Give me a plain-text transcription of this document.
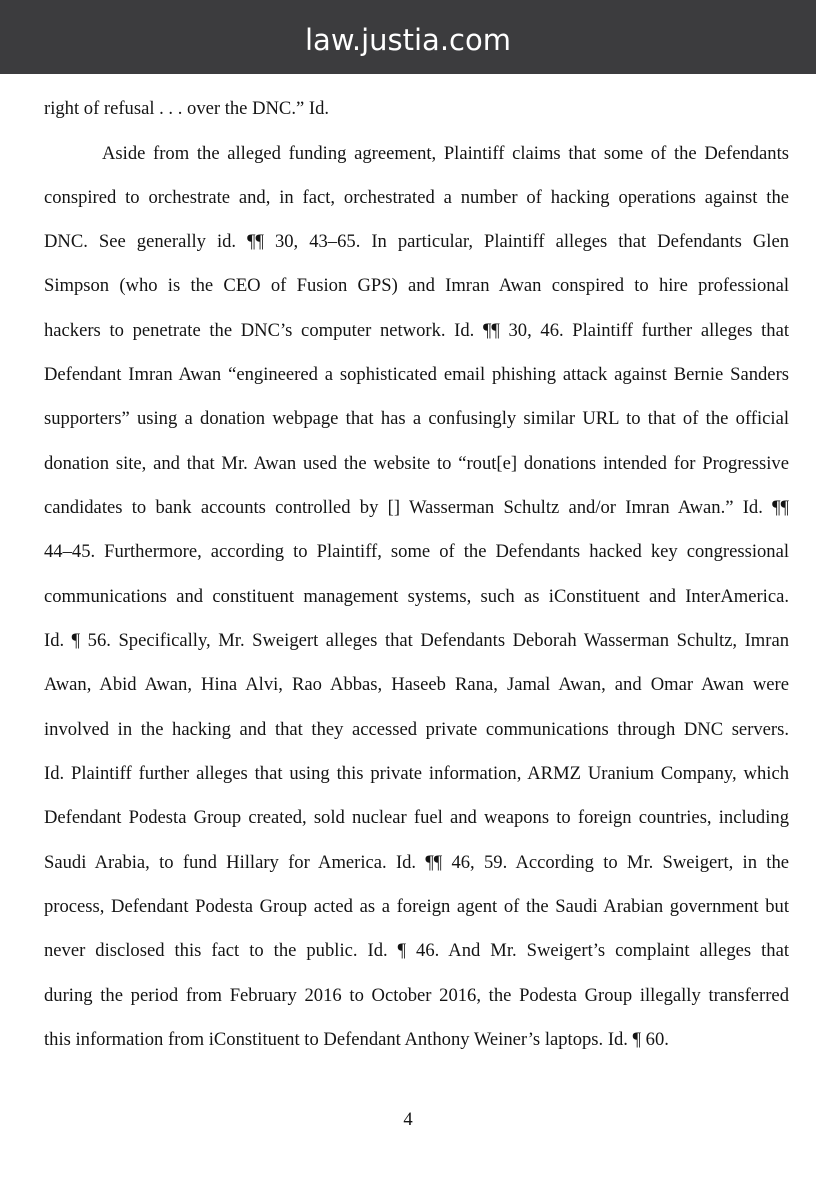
law.justia.com

right of refusal . . . over the DNC.” Id.

Aside from the alleged funding agreement, Plaintiff claims that some of the Defendants

conspired to orchestrate and, in fact, orchestrated a number of hacking operations against the

DNC. See generally id. ¶¶ 30, 43–65. In particular, Plaintiff alleges that Defendants Glen

Simpson (who is the CEO of Fusion GPS) and Imran Awan conspired to hire professional

hackers to penetrate the DNC’s computer network. Id. ¶¶ 30, 46. Plaintiff further alleges that

Defendant Imran Awan “engineered a sophisticated email phishing attack against Bernie Sanders

supporters” using a donation webpage that has a confusingly similar URL to that of the official

donation site, and that Mr. Awan used the website to “rout[e] donations intended for Progressive

candidates to bank accounts controlled by [] Wasserman Schultz and/or Imran Awan.” Id. ¶¶

44–45. Furthermore, according to Plaintiff, some of the Defendants hacked key congressional

communications and constituent management systems, such as iConstituent and InterAmerica.

Id. ¶ 56. Specifically, Mr. Sweigert alleges that Defendants Deborah Wasserman Schultz, Imran

Awan, Abid Awan, Hina Alvi, Rao Abbas, Haseeb Rana, Jamal Awan, and Omar Awan were

involved in the hacking and that they accessed private communications through DNC servers.

Id. Plaintiff further alleges that using this private information, ARMZ Uranium Company, which

Defendant Podesta Group created, sold nuclear fuel and weapons to foreign countries, including

Saudi Arabia, to fund Hillary for America. Id. ¶¶ 46, 59. According to Mr. Sweigert, in the

process, Defendant Podesta Group acted as a foreign agent of the Saudi Arabian government but

never disclosed this fact to the public. Id. ¶ 46. And Mr. Sweigert’s complaint alleges that

during the period from February 2016 to October 2016, the Podesta Group illegally transferred

this information from iConstituent to Defendant Anthony Weiner’s laptops. Id. ¶ 60.

4
